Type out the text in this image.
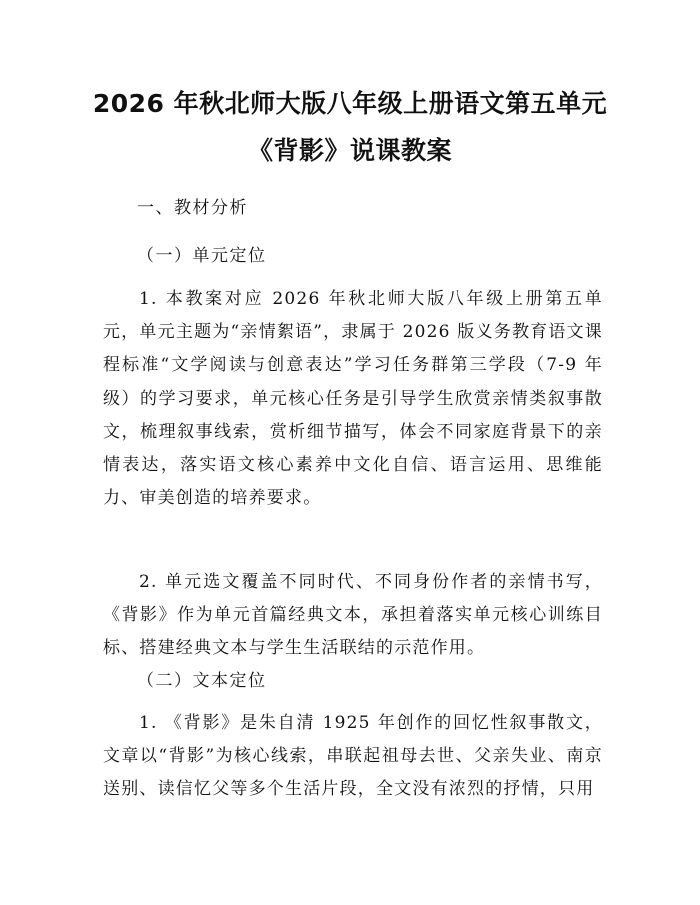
2026 年秋北师大版八年级上册语文第五单元
《背影》说课教案

一、教材分析

（一）单元定位

1. 本教案对应 2026 年秋北师大版八年级上册第五单元，单元主题为“亲情絮语”，隶属于 2026 版义务教育语文课程标准“文学阅读与创意表达”学习任务群第三学段（7-9 年级）的学习要求，单元核心任务是引导学生欣赏亲情类叙事散文，梳理叙事线索，赏析细节描写，体会不同家庭背景下的亲情表达，落实语文核心素养中文化自信、语言运用、思维能力、审美创造的培养要求。

2. 单元选文覆盖不同时代、不同身份作者的亲情书写，《背影》作为单元首篇经典文本，承担着落实单元核心训练目标、搭建经典文本与学生生活联结的示范作用。

（二）文本定位

1. 《背影》是朱自清 1925 年创作的回忆性叙事散文，文章以“背影”为核心线索，串联起祖母去世、父亲失业、南京送别、读信忆父等多个生活片段，全文没有浓烈的抒情，只用
